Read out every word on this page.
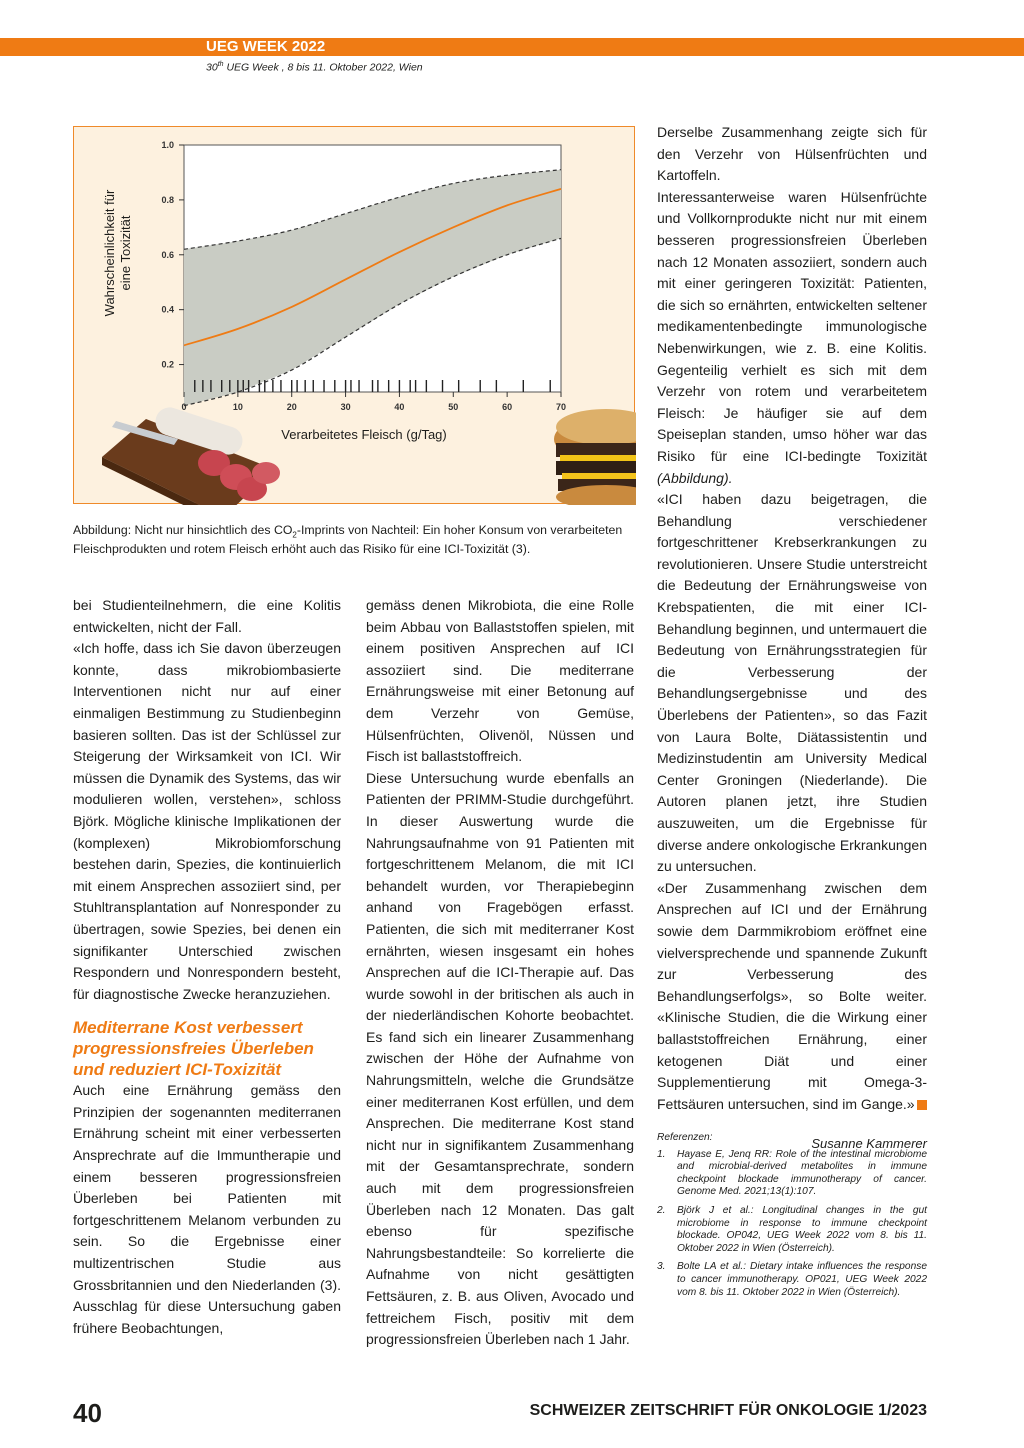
UEG WEEK 2022
30th UEG Week , 8 bis 11. Oktober 2022, Wien
0	10	20	30	40	50	60	70
0.2
0.4
0.6
0.8
1.0
Wahrscheinlichkeit für eine Toxizität
Verarbeitetes Fleisch (g/Tag)
Abbildung: Nicht nur hinsichtlich des $CO_2$-Imprints von Nachteil: Ein hoher Konsum von verarbeiteten Fleischprodukten und rotem Fleisch erhöht auch das Risiko für eine ICI-Toxizität (3).

bei Studienteilnehmern, die eine Kolitis entwickelten, nicht der Fall.

«Ich hoffe, dass ich Sie davon überzeugen konnte, dass mikrobiombasierte Interventionen nicht nur auf einer einmaligen Bestimmung zu Studienbeginn basieren sollten. Das ist der Schlüssel zur Steigerung der Wirksamkeit von ICI. Wir müssen die Dynamik des Systems, das wir modulieren wollen, verstehen», schloss Björk. Mögliche klinische Implikationen der (komplexen) Mikrobiomforschung bestehen darin, Spezies, die kontinuierlich mit einem Ansprechen assoziiert sind, per Stuhltransplantation auf Nonresponder zu übertragen, sowie Spezies, bei denen ein signifikanter Unterschied zwischen Respondern und Nonrespondern besteht, für diagnostische Zwecke heranzuziehen.

Mediterrane Kost verbessert progressionsfreies Überleben und reduziert ICI-Toxizität

Auch eine Ernährung gemäss den Prinzipien der sogenannten mediterranen Ernährung scheint mit einer verbesserten Ansprechrate auf die Immuntherapie und einem besseren progressionsfreien Überleben bei Patienten mit fortgeschrittenem Melanom verbunden zu sein. So die Ergebnisse einer multizentrischen Studie aus Grossbritannien und den Niederlanden (3). Ausschlag für diese Untersuchung gaben frühere Beobachtungen,

gemäss denen Mikrobiota, die eine Rolle beim Abbau von Ballaststoffen spielen, mit einem positiven Ansprechen auf ICI assoziiert sind. Die mediterrane Ernährungsweise mit einer Betonung auf dem Verzehr von Gemüse, Hülsenfrüchten, Olivenöl, Nüssen und Fisch ist ballaststoffreich.

Diese Untersuchung wurde ebenfalls an Patienten der PRIMM-Studie durchgeführt. In dieser Auswertung wurde die Nahrungsaufnahme von 91 Patienten mit fortgeschrittenem Melanom, die mit ICI behandelt wurden, vor Therapiebeginn anhand von Fragebögen erfasst. Patienten, die sich mit mediterraner Kost ernährten, wiesen insgesamt ein hohes Ansprechen auf die ICI-Therapie auf. Das wurde sowohl in der britischen als auch in der niederländischen Kohorte beobachtet. Es fand sich ein linearer Zusammenhang zwischen der Höhe der Aufnahme von Nahrungsmitteln, welche die Grundsätze einer mediterranen Kost erfüllen, und dem Ansprechen. Die mediterrane Kost stand nicht nur in signifikantem Zusammenhang mit der Gesamtansprechrate, sondern auch mit dem progressionsfreien Überleben nach 12 Monaten. Das galt ebenso für spezifische Nahrungsbestandteile: So korrelierte die Aufnahme von nicht gesättigten Fettsäuren, z. B. aus Oliven, Avocado und fettreichem Fisch, positiv mit dem progressionsfreien Überleben nach 1 Jahr.

Derselbe Zusammenhang zeigte sich für den Verzehr von Hülsenfrüchten und Kartoffeln.

Interessanterweise waren Hülsenfrüchte und Vollkornprodukte nicht nur mit einem besseren progressionsfreien Überleben nach 12 Monaten assoziiert, sondern auch mit einer geringeren Toxizität: Patienten, die sich so ernährten, entwickelten seltener medikamentenbedingte immunologische Nebenwirkungen, wie z. B. eine Kolitis. Gegenteilig verhielt es sich mit dem Verzehr von rotem und verarbeitetem Fleisch: Je häufiger sie auf dem Speiseplan standen, umso höher war das Risiko für eine ICI-bedingte Toxizität (Abbildung).

«ICI haben dazu beigetragen, die Behandlung verschiedener fortgeschrittener Krebserkrankungen zu revolutionieren. Unsere Studie unterstreicht die Bedeutung der Ernährungsweise von Krebspatienten, die mit einer ICI-Behandlung beginnen, und untermauert die Bedeutung von Ernährungsstrategien für die Verbesserung der Behandlungsergebnisse und des Überlebens der Patienten», so das Fazit von Laura Bolte, Diätassistentin und Medizinstudentin am University Medical Center Groningen (Niederlande). Die Autoren planen jetzt, ihre Studien auszuweiten, um die Ergebnisse für diverse andere onkologische Erkrankungen zu untersuchen.

«Der Zusammenhang zwischen dem Ansprechen auf ICI und der Ernährung sowie dem Darmmikrobiom eröffnet eine vielversprechende und spannende Zukunft zur Verbesserung des Behandlungserfolgs», so Bolte weiter. «Klinische Studien, die die Wirkung einer ballaststoffreichen Ernährung, einer ketogenen Diät und einer Supplementierung mit Omega-3-Fettsäuren untersuchen, sind im Gange.»

Susanne Kammerer

Referenzen:
1.	Hayase E, Jenq RR: Role of the intestinal microbiome and microbial-derived metabolites in immune checkpoint blockade immunotherapy of cancer. Genome Med. 2021;13(1):107.
2.	Björk J et al.: Longitudinal changes in the gut microbiome in response to immune checkpoint blockade. OP042, UEG Week 2022 vom 8. bis 11. Oktober 2022 in Wien (Österreich).
3.	Bolte LA et al.: Dietary intake influences the response to cancer immunotherapy. OP021, UEG Week 2022 vom 8. bis 11. Oktober 2022 in Wien (Österreich).
40	SCHWEIZER ZEITSCHRIFT FÜR ONKOLOGIE 1/2023
